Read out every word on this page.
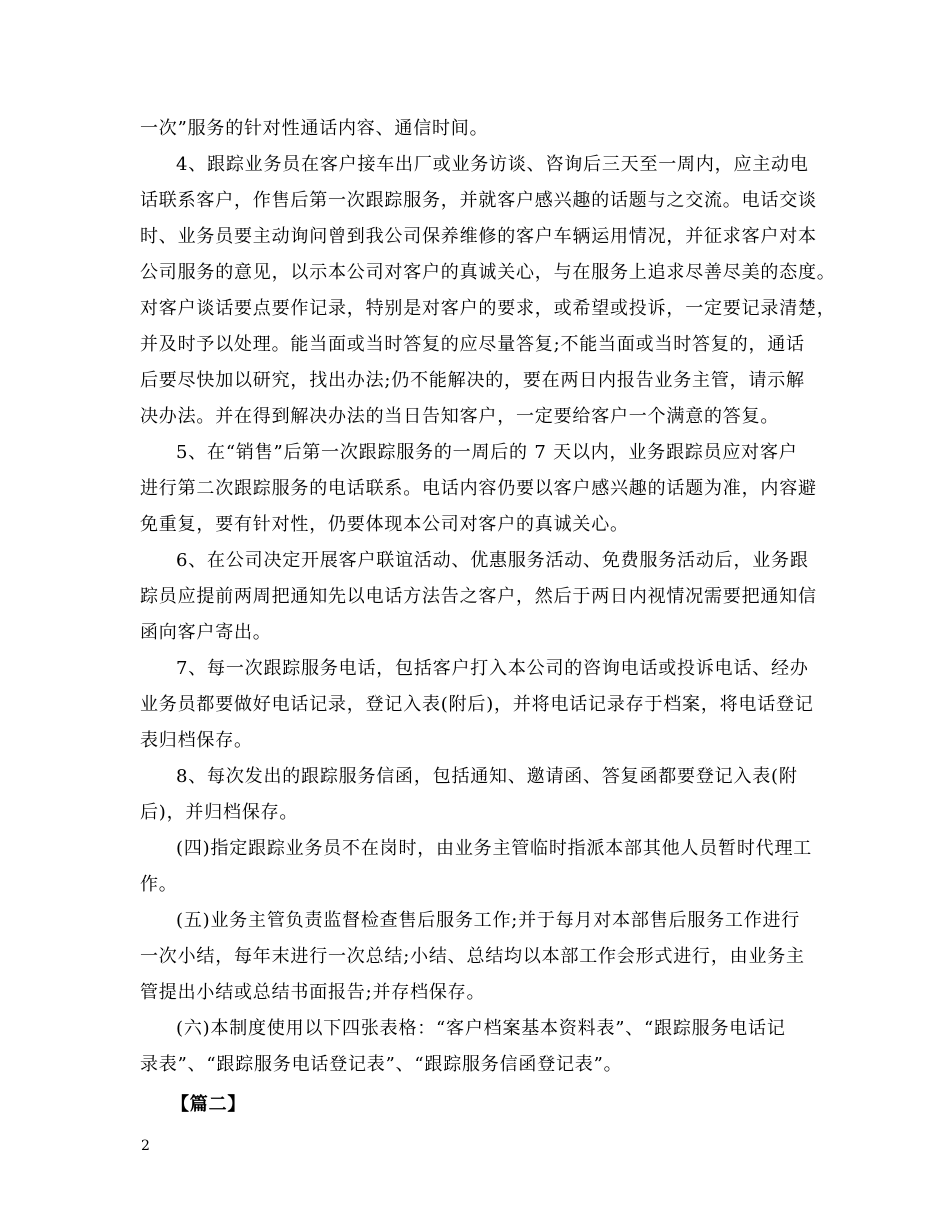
一次”服务的针对性通话内容、通信时间。
4、跟踪业务员在客户接车出厂或业务访谈、咨询后三天至一周内，应主动电
话联系客户，作售后第一次跟踪服务，并就客户感兴趣的话题与之交流。电话交谈
时、业务员要主动询问曾到我公司保养维修的客户车辆运用情况，并征求客户对本
公司服务的意见，以示本公司对客户的真诚关心，与在服务上追求尽善尽美的态度。
对客户谈话要点要作记录，特别是对客户的要求，或希望或投诉，一定要记录清楚，
并及时予以处理。能当面或当时答复的应尽量答复;不能当面或当时答复的，通话
后要尽快加以研究，找出办法;仍不能解决的，要在两日内报告业务主管，请示解
决办法。并在得到解决办法的当日告知客户，一定要给客户一个满意的答复。
5、在“销售”后第一次跟踪服务的一周后的 7 天以内，业务跟踪员应对客户
进行第二次跟踪服务的电话联系。电话内容仍要以客户感兴趣的话题为准，内容避
免重复，要有针对性，仍要体现本公司对客户的真诚关心。
6、在公司决定开展客户联谊活动、优惠服务活动、免费服务活动后，业务跟
踪员应提前两周把通知先以电话方法告之客户，然后于两日内视情况需要把通知信
函向客户寄出。
7、每一次跟踪服务电话，包括客户打入本公司的咨询电话或投诉电话、经办
业务员都要做好电话记录，登记入表(附后)，并将电话记录存于档案，将电话登记
表归档保存。
8、每次发出的跟踪服务信函，包括通知、邀请函、答复函都要登记入表(附
后)，并归档保存。
(四)指定跟踪业务员不在岗时，由业务主管临时指派本部其他人员暂时代理工
作。
(五)业务主管负责监督检查售后服务工作;并于每月对本部售后服务工作进行
一次小结，每年末进行一次总结;小结、总结均以本部工作会形式进行，由业务主
管提出小结或总结书面报告;并存档保存。
(六)本制度使用以下四张表格：“客户档案基本资料表”、“跟踪服务电话记
录表”、“跟踪服务电话登记表”、“跟踪服务信函登记表”。
【篇二】
2
